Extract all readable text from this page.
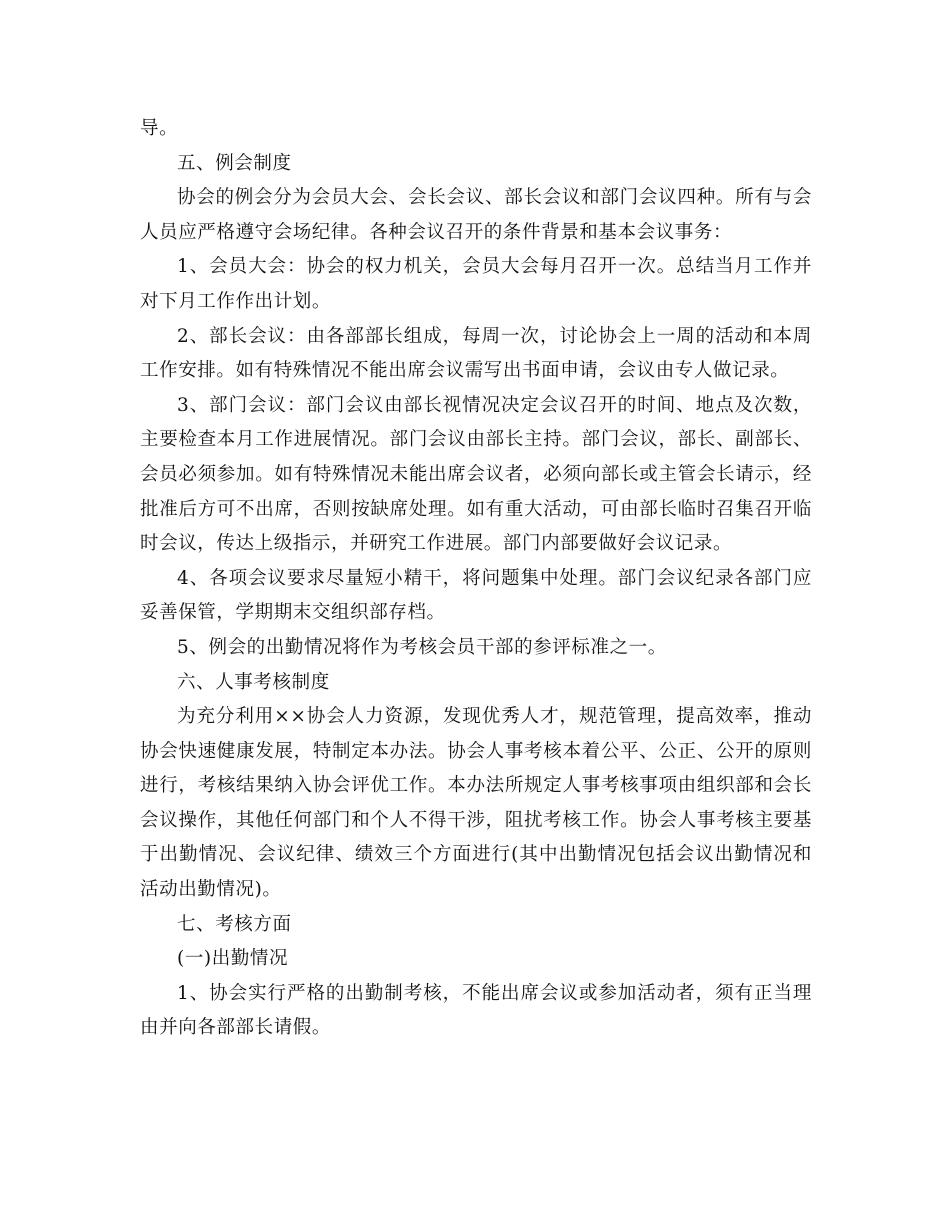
导。

五、例会制度

协会的例会分为会员大会、会长会议、部长会议和部门会议四种。所有与会人员应严格遵守会场纪律。各种会议召开的条件背景和基本会议事务：

1、会员大会：协会的权力机关，会员大会每月召开一次。总结当月工作并对下月工作作出计划。

2、部长会议：由各部部长组成，每周一次，讨论协会上一周的活动和本周工作安排。如有特殊情况不能出席会议需写出书面申请，会议由专人做记录。

3、部门会议：部门会议由部长视情况决定会议召开的时间、地点及次数，主要检查本月工作进展情况。部门会议由部长主持。部门会议，部长、副部长、会员必须参加。如有特殊情况未能出席会议者，必须向部长或主管会长请示，经批准后方可不出席，否则按缺席处理。如有重大活动，可由部长临时召集召开临时会议，传达上级指示，并研究工作进展。部门内部要做好会议记录。

4、各项会议要求尽量短小精干，将问题集中处理。部门会议纪录各部门应妥善保管，学期期末交组织部存档。

5、例会的出勤情况将作为考核会员干部的参评标准之一。

六、人事考核制度

为充分利用××协会人力资源，发现优秀人才，规范管理，提高效率，推动协会快速健康发展，特制定本办法。协会人事考核本着公平、公正、公开的原则进行，考核结果纳入协会评优工作。本办法所规定人事考核事项由组织部和会长会议操作，其他任何部门和个人不得干涉，阻扰考核工作。协会人事考核主要基于出勤情况、会议纪律、绩效三个方面进行(其中出勤情况包括会议出勤情况和活动出勤情况)。

七、考核方面

(一)出勤情况

1、协会实行严格的出勤制考核，不能出席会议或参加活动者，须有正当理由并向各部部长请假。
